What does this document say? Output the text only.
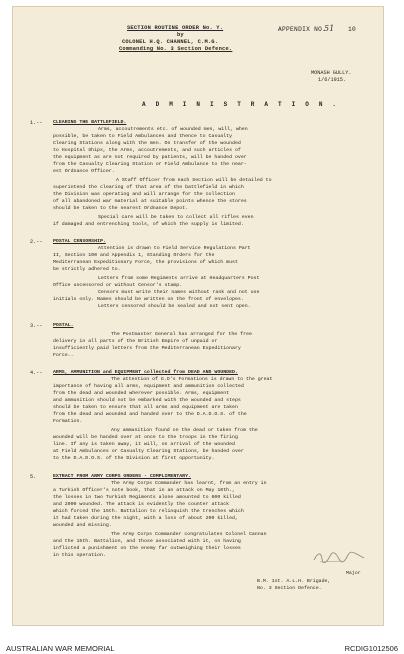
SECTION ROUTINE ORDER No. Y.
by
COLONEL H.Q. CHANNEL, C.M.G.
Commanding No. 3 Section Defence.
APPENDIX NO.
51 10
MONASH GULLY.
1/6/1915.
A D M I N I S T R A T I O N .
1.-- CLEARING THE BATTLEFIELD.
Arms, accoutrements etc. of wounded men, will, when
possible, be taken to Field Ambulances and thence to Casualty
Clearing Stations along with the men. On transfer of the wounded
to Hospital Ships, the Arms, accoutrements, and such articles of
the equipment as are not required by patients, will be handed over
from the Casualty Clearing Station or Field Ambulance to the near-
est Ordnance Officer.
A Staff Officer from each Section will be detailed to
superintend the clearing of that area of the battlefield in which
the Division was operating and will arrange for the collection
of all abandoned war material at suitable points whence the stores
should be taken to the nearest Ordnance Depot.
Special care will be taken to collect all rifles even
if damaged and entrenching tools, of which the supply is limited.
2.-- POSTAL CENSORSHIP.
Attention is drawn to Field Service Regulations Part
II, Section 100 and Appendix 1, Standing Orders for the
Mediterranean Expeditionary Force, the provisions of which must
be strictly adhered to.
Letters from some Regiments arrive at Headquarters Post
Office uncensored or without Censor's stamp.
Censors must write their names without rank and not use
initials only. Names should be written on the front of envelopes.
Letters censored should be sealed and not sent open.
3.-- POSTAL.
The Postmaster General has arranged for the free
delivery in all parts of the British Empire of unpaid or
insufficiently paid letters from the Mediterranean Expeditionary
Force..
4.-- ARMS, AMMUNITION and EQUIPMENT collected from DEAD AND WOUNDED.
The attention of G.O's Formations is drawn to the great
importance of having all arms, equipment and ammunition collected
from the dead and wounded wherever possible. Arms, equipment
and ammunition should not be embarked with the wounded and steps
should be taken to ensure that all arms and equipment are taken
from the dead and wounded and handed over to the D.A.D.O.S. of the
Formation.
Any ammunition found on the dead or taken from the
wounded will be handed over at once to the troops in the firing
line. If any is taken away, it will, on arrival of the wounded
at Field Ambulances or Casualty Clearing Stations, be handed over
to the D.A.D.O.S. of the Division at first opportunity.
5.	EXTRACT FROM ARMY CORPS ORDERS - COMPLIMENTARY.
The Army Corps Commander has learnt, from an entry in
a Turkish Officer's note book, that in an attack on May 10th.,
the losses in two Turkish Regiments alone amounted to 600 killed
and 2000 wounded. The attack is evidently the counter attack
which forced the 15th. Battalion to relinquish the trenches which
it had taken during the night, with a loss of about 200 killed,
wounded and missing.
The Army Corps Commander congratulates Colonel Cannan
and the 15th. Battalion, and those associated with it, on having
inflicted a punishment on the enemy far outweighing their losses
in this operation.
Major
B.M. 1st. A.L.H. Brigade,
No. 3 Section Defence.
AUSTRALIAN WAR MEMORIAL	RCDIG1012506
